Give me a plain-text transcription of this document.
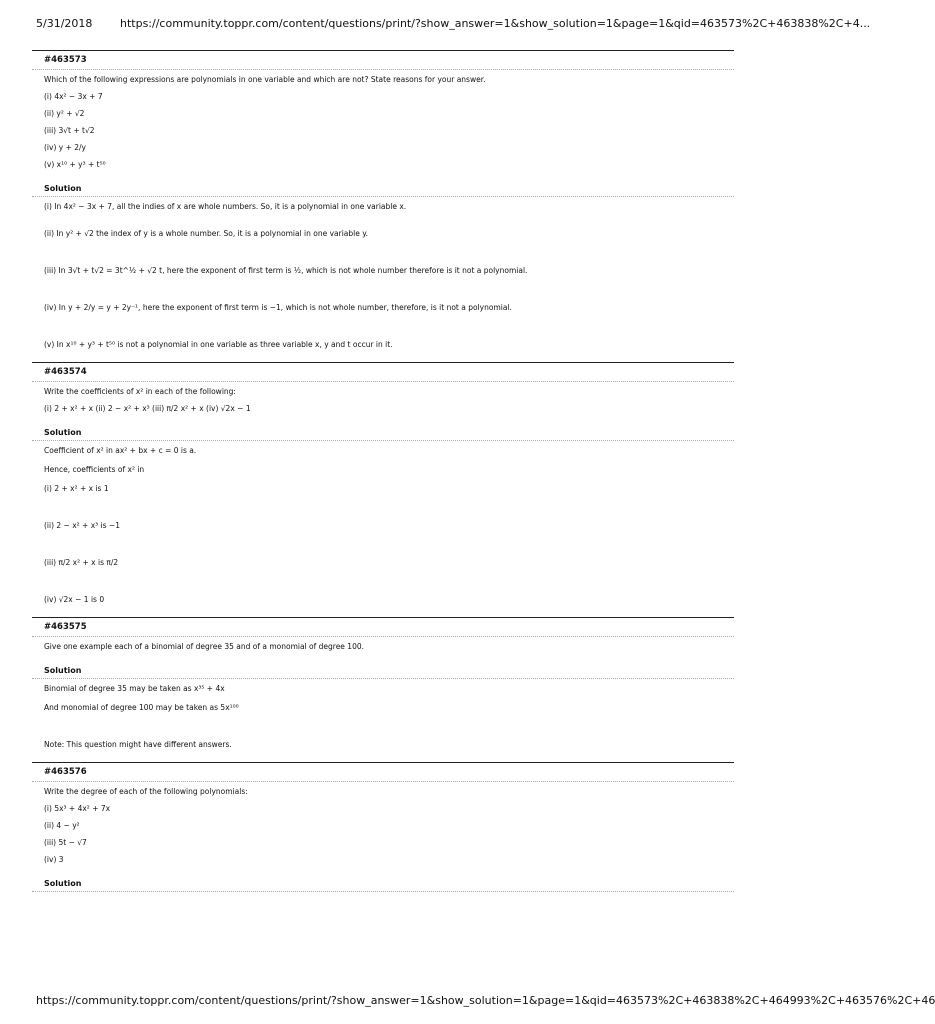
5/31/2018	https://community.toppr.com/content/questions/print/?show_answer=1&show_solution=1&page=1&qid=463573%2C+463838%2C+4...
#463573
Which of the following expressions are polynomials in one variable and which are not? State reasons for your answer.
(i) 4x² − 3x + 7
(ii) y² + √2
(iii) 3√t + t√2
(iv) y + 2/y
(v) x¹⁰ + y³ + t⁵⁰
Solution
(i) In 4x² − 3x + 7, all the indies of x are whole numbers. So, it is a polynomial in one variable x.
(ii) In y² + √2 the index of y is a whole number. So, it is a polynomial in one variable y.
(iii) In 3√t + t√2 = 3t^½ + √2 t, here the exponent of first term is ½, which is not whole number therefore is it not a polynomial.
(iv) In y + 2/y = y + 2y⁻¹, here the exponent of first term is −1, which is not whole number, therefore, is it not a polynomial.
(v) In x¹⁰ + y³ + t⁵⁰ is not a polynomial in one variable as three variable x, y and t occur in it.
#463574
Write the coefficients of x² in each of the following:
(i) 2 + x² + x (ii) 2 − x² + x³ (iii) π/2 x² + x (iv) √2x − 1
Solution
Coefficient of x² in ax² + bx + c = 0 is a.
Hence, coefficients of x² in
(i) 2 + x² + x is 1
(ii) 2 − x² + x³ is −1
(iii) π/2 x² + x is π/2
(iv) √2x − 1 is 0
#463575
Give one example each of a binomial of degree 35 and of a monomial of degree 100.
Solution
Binomial of degree 35 may be taken as x³⁵ + 4x
And monomial of degree 100 may be taken as 5x¹⁰⁰
Note: This question might have different answers.
#463576
Write the degree of each of the following polynomials:
(i) 5x³ + 4x² + 7x
(ii) 4 − y²
(iii) 5t − √7
(iv) 3
Solution
https://community.toppr.com/content/questions/print/?show_answer=1&show_solution=1&page=1&qid=463573%2C+463838%2C+464993%2C+463576%2C+46
